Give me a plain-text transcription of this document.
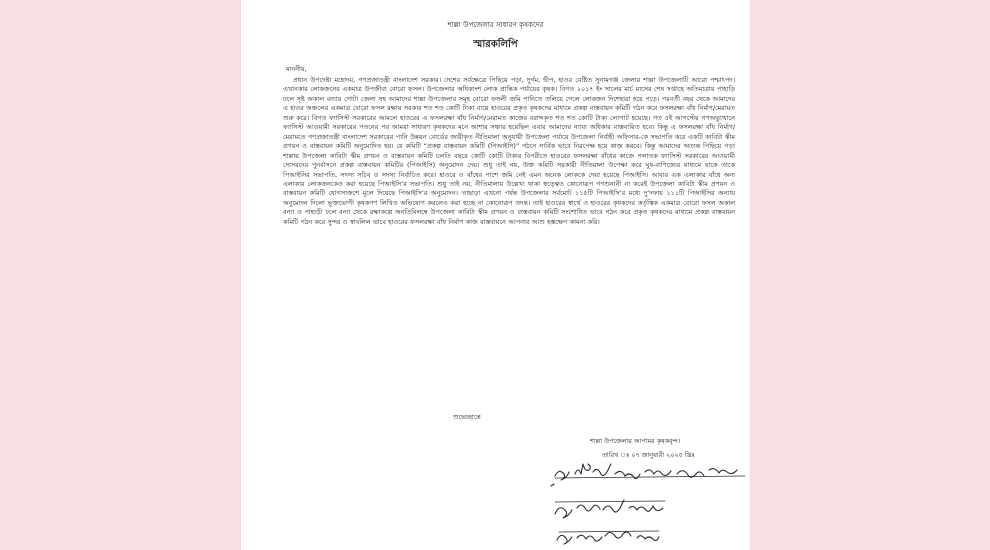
শাল্লা উপজেলার সাধারণ কৃষকদের
স্মারকলিপি
মাননীয়,
প্রধান উপদেষ্টা মহোদয়, গণপ্রজাতন্ত্রী বাংলাদেশ সরকার। দেশের সর্বক্ষেত্রে পিছিয়ে পড়া, দুর্গম, দ্বীপ, হাওর বেষ্টিত সুনামগঞ্জ জেলার শাল্লা উপজেলাটি আরো পশ্চাৎপদ। এখানকার লোকজনের একমাত্র উপজীব্য বোরো ফসল। উপজেলার অধিকাংশ লোক প্রান্তিক পর্যায়ের কৃষক। বিগত ২০১৭ ইং সালের মার্চ মাসের শেষ সপ্তাহে অতিমাত্রায় পাহাড়ি ঢলে সৃষ্ট অকাল বন্যায় গোটা জেলা সহ আমাদের শাল্লা উপজেলার সমূহ বোরো ফসলী জমি পানিতে তলিয়ে গেলে লোকজন দিশেহারা হয়ে পড়ে। পরবর্তী বছর থেকে আমাদের এ হাওর অঞ্চলের একমাত্র বোরো ফসল রক্ষায় সরকার শত শত কোটি টাকা ব্যয়ে হাওরের প্রকৃত কৃষকদের মাধ্যমে প্রকল্প বাস্তবায়ন কমিটি গঠন করে ফসলরক্ষা বাঁধ নির্মাণ/মেরামত শুরু করে। বিগত ফ্যাসিস্ট সরকারের আমলে হাওরের এ ফসলরক্ষা বাঁধ নির্মাণ/মেরামত কাজের বরাদ্দকৃত শত শত কোটি টাকা লোপাট হয়েছে। গত ৫ই আগস্টের গণঅভ্যুত্থানে ফ্যাসিস্ট আওয়ামী সরকারের পতনের পর আমরা সাধারণ কৃষকদের মনে আশার সঞ্চার হয়েছিল এবার আমাদের ন্যায্য অধিকার বাস্তবায়িত হবে। কিন্তু এ ফসলরক্ষা বাঁধ নির্মাণ/মেরামতে গণপ্রজাতন্ত্রী বাংলাদেশ সরকারের পানি উন্নয়ন বোর্ডের জারীকৃত নীতিমালা অনুযায়ী উপজেলা পর্যায়ে উপজেলা নির্বাহী অফিসার-কে সভাপতি করে একটি কাবিটা স্কীম প্রণয়ন ও বাস্তবায়ন কমিটি অনুমোদিত হয়। যে কমিটি “প্রকল্প বাস্তবায়ন কমিটি (পিআইসি)” গঠনে সার্বিক ভাবে নিরপেক্ষ হয়ে কাজ করবে। কিন্তু আমাদের অত্যন্ত পিছিয়ে পড়া শাল্লায় উপজেলা কাবিটা স্কীম প্রণয়ন ও বাস্তবায়ন কমিটি চলতি বছরে কোটি কোটি টাকার বিপরীতে হাওরের ফসলরক্ষা বাঁধের কাজে পলাতক ফ্যাসিস্ট সরকারের আওয়ামী দোসরদের পুনর্বাসনে প্রকল্প বাস্তবায়ন কমিটির (পিআইসি) অনুমোদন দেয়। শুধু তাই নয়, উক্ত কমিটি সরকারী নীতিমালা উপেক্ষা করে ঘুষ-বাণিজ্যের মাধ্যমে যাকে তাকে পিআইসির সভাপতি, সদস্য সচিব ও সদস্য নির্বাচিত করে। হাওরে ও বাঁধের পাশে জমি নেই এমন অনেক লোককে দেয়া হয়েছে পিআইসি। আবার এক এলাকার বাঁধে অন্য এলাকার লোকজনকেও করা হয়েছে পিআইসি’র সভাপতি। শুধু তাই নয়, নীতিমালায় উল্লেখ্য থাকা স্বত্ত্বেও কোনোরূপ গণশুনানী না করেই উপজেলা কাবিটা স্কীম প্রণয়ন ও বাস্তবায়ন কমিটি যোগসাজশে মূলে দিয়েছে পিআইসি’র অনুমোদন। তাছাড়া এখনো পর্যন্ত উপজেলার সর্বমোট ১১৫টি পিআইসি’র মধ্যে দু’দফায় ১১১টি পিআইসির অন্যায় অনুমোদন দিলো ভূক্তভোগী কৃষকগণ লিখিত অভিযোগ করলেও করা হচ্ছে না কোনোরূপ তদন্ত। তাই হাওরের স্বার্থে ও হাওরের কৃষকদের কর্তৃত্বিক একমাত্র বোরো ফসল অকাল বন্যা ও পাহাড়ী ঢলে বন্যা থেকে রক্ষাকল্পে অনতিবিলম্বে উপজেলা কাবিটা স্কীম প্রণয়ন ও বাস্তবায়ন কমিটি সংশোধিত ভাবে গঠন করে প্রকৃত কৃষকদের মাধ্যমে প্রকল্প বাস্তবায়ন কমিটি গঠন করে সুন্দর ও স্বাবলিল ভাবে হাওরের ফসলরক্ষা বাঁধ নির্মাণ কাজ বাস্তবায়নে আপনার আশু হস্তক্ষেপ কামনা করি।
শুভেচ্ছান্তে
শাল্লা উপজেলার আপামর কৃষকবৃন্দ।
তারিখ ঃ ০৭ জানুয়ারী ২০২৫ খ্রিঃ
